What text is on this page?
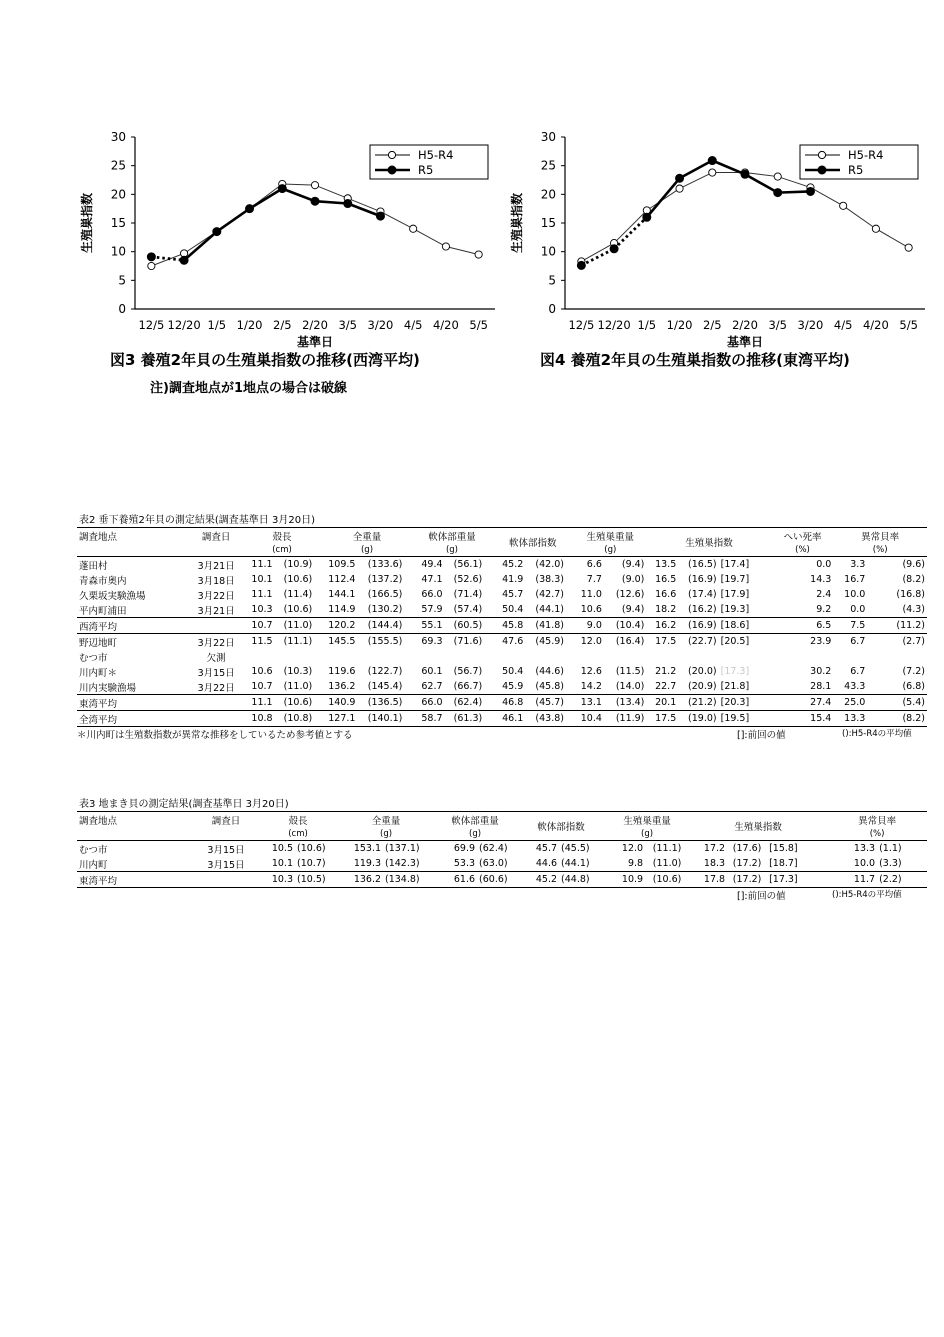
0
5
10
15
20
25
30
12/5 12/20 1/5 1/20 2/5 2/20 3/5 3/20 4/5 4/20 5/5
基準日
生殖巣指数
H5-R4
R5
0
5
10
15
20
25
30
12/5 12/20 1/5 1/20 2/5 2/20 3/5 3/20 4/5 4/20 5/5
基準日
生殖巣指数
H5-R4
R5
図3 養殖2年貝の生殖巣指数の推移(西湾平均)	図4 養殖2年貝の生殖巣指数の推移(東湾平均)
注)調査地点が1地点の場合は破線
表2 垂下養殖2年貝の測定結果(調査基準日 3月20日)
調査地点	調査日	殻長		全重量		軟体部重量		軟体部指数		生殖巣重量		生殖巣指数			へい死率	異常貝率	
		(cm)		(g)		(g)				(g)					(%)	(%)	
蓬田村	3月21日	11.1	(10.9)	109.5	(133.6)	49.4	(56.1)	45.2	(42.0)	6.6	(9.4)	13.5	(16.5)	[17.4]	0.0	3.3	(9.6)
青森市奥内	3月18日	10.1	(10.6)	112.4	(137.2)	47.1	(52.6)	41.9	(38.3)	7.7	(9.0)	16.5	(16.9)	[19.7]	14.3	16.7	(8.2)
久栗坂実験漁場	3月22日	11.1	(11.4)	144.1	(166.5)	66.0	(71.4)	45.7	(42.7)	11.0	(12.6)	16.6	(17.4)	[17.9]	2.4	10.0	(16.8)
平内町浦田	3月21日	10.3	(10.6)	114.9	(130.2)	57.9	(57.4)	50.4	(44.1)	10.6	(9.4)	18.2	(16.2)	[19.3]	9.2	0.0	(4.3)
西湾平均		10.7	(11.0)	120.2	(144.4)	55.1	(60.5)	45.8	(41.8)	9.0	(10.4)	16.2	(16.9)	[18.6]	6.5	7.5	(11.2)
野辺地町	3月22日	11.5	(11.1)	145.5	(155.5)	69.3	(71.6)	47.6	(45.9)	12.0	(16.4)	17.5	(22.7)	[20.5]	23.9	6.7	(2.7)
むつ市	欠測																
川内町＊	3月15日	10.6	(10.3)	119.6	(122.7)	60.1	(56.7)	50.4	(44.6)	12.6	(11.5)	21.2	(20.0)	[17.3]	30.2	6.7	(7.2)
川内実験漁場	3月22日	10.7	(11.0)	136.2	(145.4)	62.7	(66.7)	45.9	(45.8)	14.2	(14.0)	22.7	(20.9)	[21.8]	28.1	43.3	(6.8)
東湾平均		11.1	(10.6)	140.9	(136.5)	66.0	(62.4)	46.8	(45.7)	13.1	(13.4)	20.1	(21.2)	[20.3]	27.4	25.0	(5.4)
全湾平均		10.8	(10.8)	127.1	(140.1)	58.7	(61.3)	46.1	(43.8)	10.4	(11.9)	17.5	(19.0)	[19.5]	15.4	13.3	(8.2)
＊川内町は生殖数指数が異常な推移をしているため参考値とする	[]:前回の値	():H5-R4の平均値
表3 地まき貝の測定結果(調査基準日 3月20日)
調査地点	調査日	殻長		全重量		軟体部重量		軟体部指数		生殖巣重量		生殖巣指数			異常貝率	
		(cm)		(g)		(g)				(g)					(%)	
むつ市	3月15日	10.5	(10.6)	153.1	(137.1)	69.9	(62.4)	45.7	(45.5)	12.0	(11.1)	17.2	(17.6)	[15.8]	13.3	(1.1)
川内町	3月15日	10.1	(10.7)	119.3	(142.3)	53.3	(63.0)	44.6	(44.1)	9.8	(11.0)	18.3	(17.2)	[18.7]	10.0	(3.3)
東湾平均		10.3	(10.5)	136.2	(134.8)	61.6	(60.6)	45.2	(44.8)	10.9	(10.6)	17.8	(17.2)	[17.3]	11.7	(2.2)
[]:前回の値	():H5-R4の平均値
